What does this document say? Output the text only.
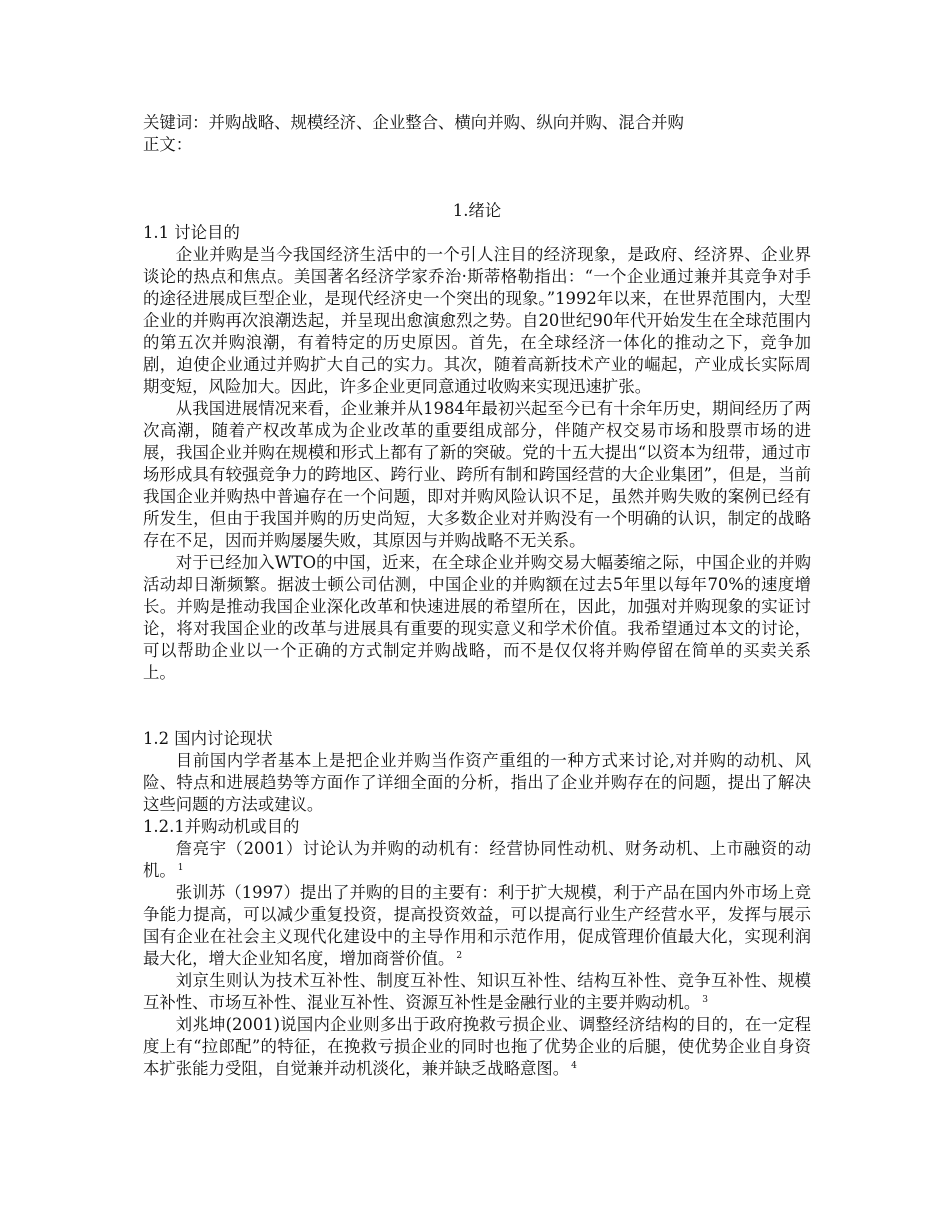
关键词：并购战略、规模经济、企业整合、横向并购、纵向并购、混合并购
正文：
1.绪论
1.1 讨论目的

企业并购是当今我国经济生活中的一个引人注目的经济现象，是政府、经济界、企业界谈论的热点和焦点。美国著名经济学家乔治·斯蒂格勒指出：“一个企业通过兼并其竞争对手的途径进展成巨型企业，是现代经济史一个突出的现象。”1992年以来，在世界范围内，大型企业的并购再次浪潮迭起，并呈现出愈演愈烈之势。自20世纪90年代开始发生在全球范围内的第五次并购浪潮，有着特定的历史原因。首先，在全球经济一体化的推动之下，竞争加剧，迫使企业通过并购扩大自己的实力。其次，随着高新技术产业的崛起，产业成长实际周期变短，风险加大。因此，许多企业更同意通过收购来实现迅速扩张。

从我国进展情况来看，企业兼并从1984年最初兴起至今已有十余年历史，期间经历了两次高潮，随着产权改革成为企业改革的重要组成部分，伴随产权交易市场和股票市场的进展，我国企业并购在规模和形式上都有了新的突破。党的十五大提出“以资本为纽带，通过市场形成具有较强竞争力的跨地区、跨行业、跨所有制和跨国经营的大企业集团”，但是，当前我国企业并购热中普遍存在一个问题，即对并购风险认识不足，虽然并购失败的案例已经有所发生，但由于我国并购的历史尚短，大多数企业对并购没有一个明确的认识，制定的战略存在不足，因而并购屡屡失败，其原因与并购战略不无关系。

对于已经加入WTO的中国，近来，在全球企业并购交易大幅萎缩之际，中国企业的并购活动却日渐频繁。据波士顿公司估测，中国企业的并购额在过去5年里以每年70%的速度增长。并购是推动我国企业深化改革和快速进展的希望所在，因此，加强对并购现象的实证讨论，将对我国企业的改革与进展具有重要的现实意义和学术价值。我希望通过本文的讨论，可以帮助企业以一个正确的方式制定并购战略，而不是仅仅将并购停留在简单的买卖关系上。

1.2 国内讨论现状

目前国内学者基本上是把企业并购当作资产重组的一种方式来讨论,对并购的动机、风险、特点和进展趋势等方面作了详细全面的分析，指出了企业并购存在的问题，提出了解决这些问题的方法或建议。

1.2.1并购动机或目的

詹亮宇（2001）讨论认为并购的动机有：经营协同性动机、财务动机、上市融资的动机。 $^1$

张训苏（1997）提出了并购的目的主要有：利于扩大规模，利于产品在国内外市场上竞争能力提高，可以减少重复投资，提高投资效益，可以提高行业生产经营水平，发挥与展示国有企业在社会主义现代化建设中的主导作用和示范作用，促成管理价值最大化，实现利润最大化，增大企业知名度，增加商誉价值。 $^2$

刘京生则认为技术互补性、制度互补性、知识互补性、结构互补性、竞争互补性、规模互补性、市场互补性、混业互补性、资源互补性是金融行业的主要并购动机。 $^3$

刘兆坤(2001)说国内企业则多出于政府挽救亏损企业、调整经济结构的目的，在一定程度上有“拉郎配”的特征，在挽救亏损企业的同时也拖了优势企业的后腿，使优势企业自身资本扩张能力受阻，自觉兼并动机淡化，兼并缺乏战略意图。 $^4$
